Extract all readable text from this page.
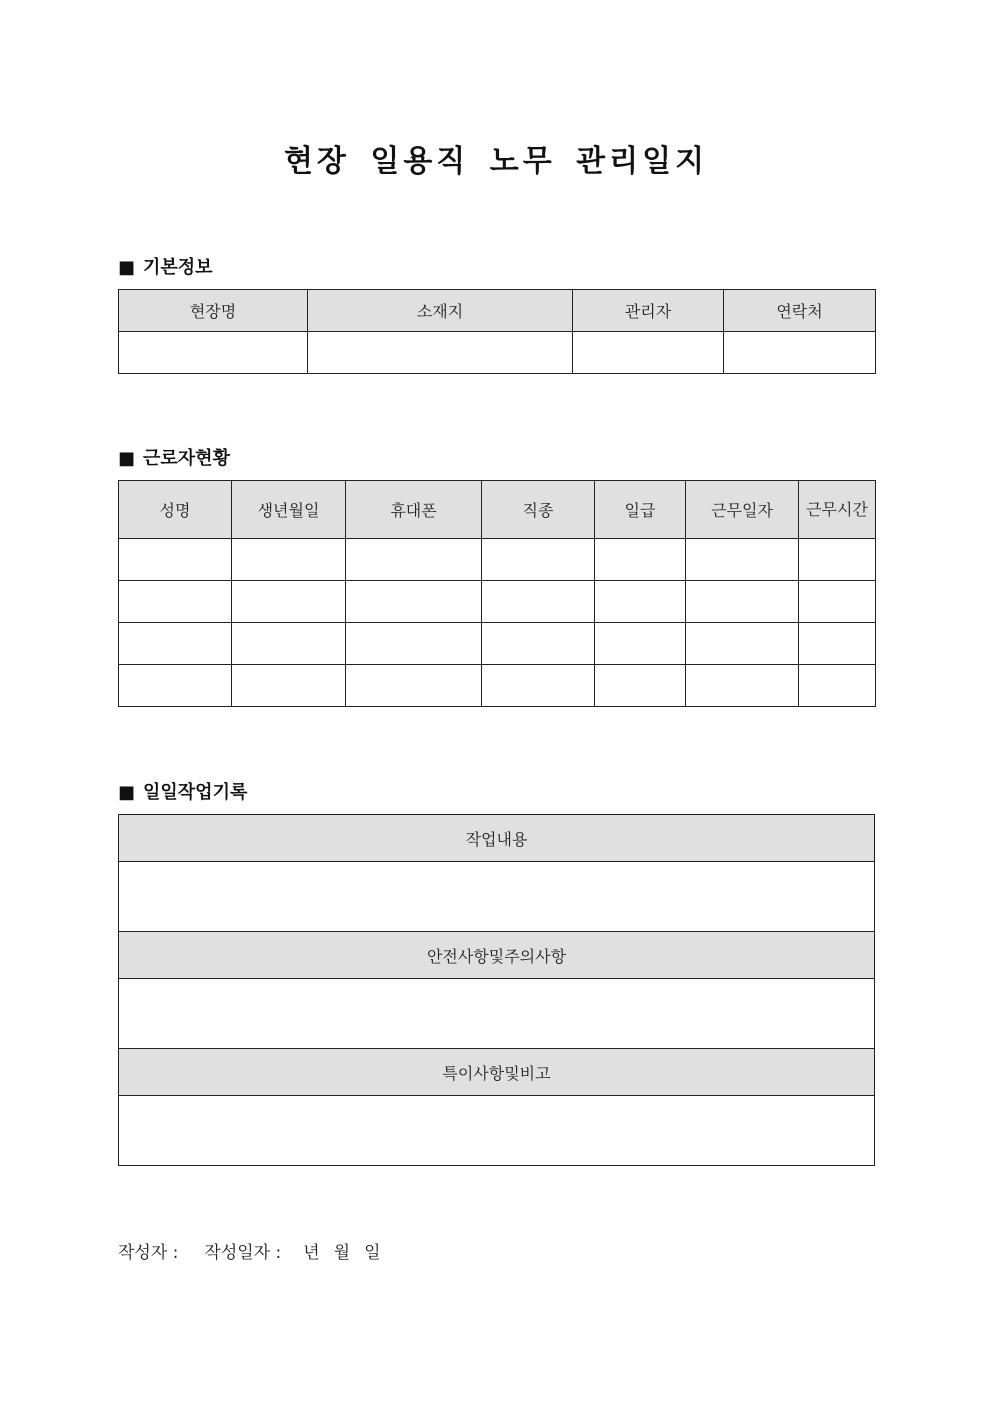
현장 일용직 노무 관리일지
■ 기본정보
현장명	소재지	관리자	연락처

■ 근로자현황
성명	생년월일	휴대폰	직종	일급	근무일자	근무시간

■ 일일작업기록
작업내용

안전사항및주의사항

특이사항및비고

작성자 : 작성일자 : 년 월 일
